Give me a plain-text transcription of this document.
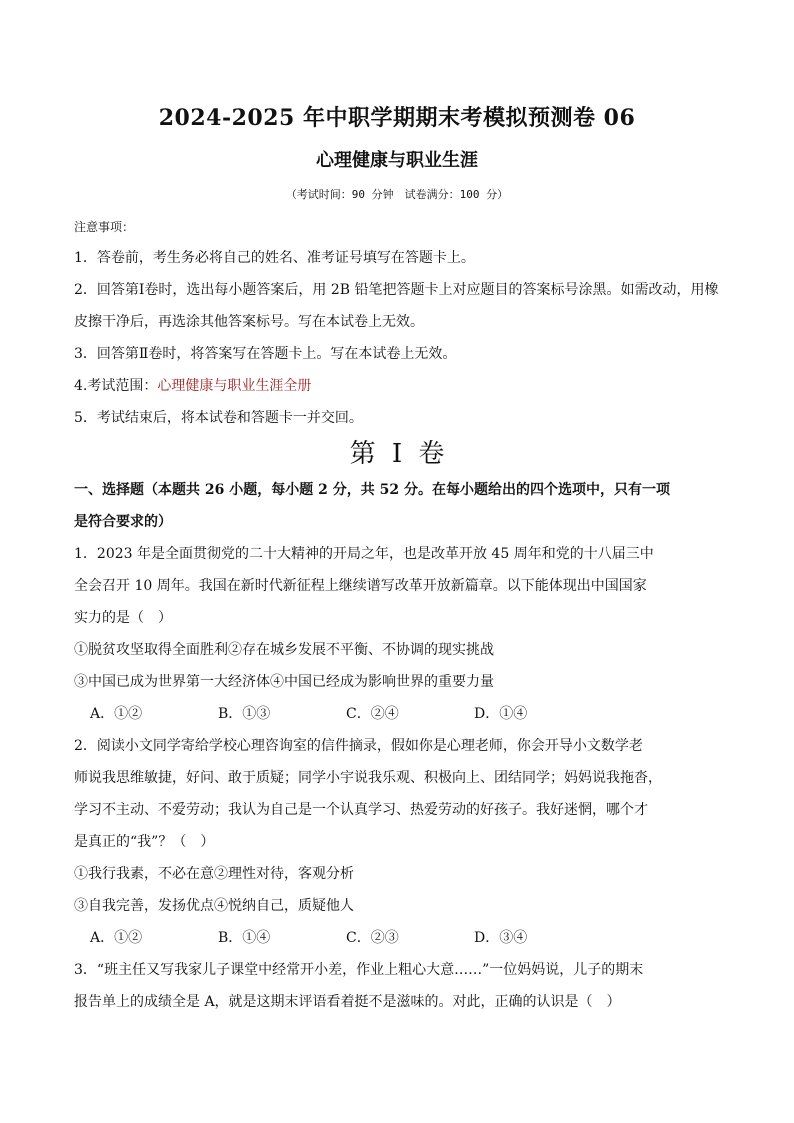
2024-2025 年中职学期期末考模拟预测卷 06
心理健康与职业生涯
（考试时间：90 分钟　试卷满分：100 分）
注意事项：
1．答卷前，考生务必将自己的姓名、准考证号填写在答题卡上。
2．回答第Ⅰ卷时，选出每小题答案后，用 2B 铅笔把答题卡上对应题目的答案标号涂黑。如需改动，用橡
皮擦干净后，再选涂其他答案标号。写在本试卷上无效。
3．回答第Ⅱ卷时，将答案写在答题卡上。写在本试卷上无效。
4.考试范围：心理健康与职业生涯全册
5．考试结束后，将本试卷和答题卡一并交回。
第 I 卷
一、选择题（本题共 26 小题，每小题 2 分，共 52 分。在每小题给出的四个选项中，只有一项
是符合要求的）
1．2023 年是全面贯彻党的二十大精神的开局之年，也是改革开放 45 周年和党的十八届三中
全会召开 10 周年。我国在新时代新征程上继续谱写改革开放新篇章。以下能体现出中国国家
实力的是（　）
①脱贫攻坚取得全面胜利②存在城乡发展不平衡、不协调的现实挑战
③中国已成为世界第一大经济体④中国已经成为影响世界的重要力量
A．①②	B．①③	C．②④	D．①④
2．阅读小文同学寄给学校心理咨询室的信件摘录，假如你是心理老师，你会开导小文数学老
师说我思维敏捷，好问、敢于质疑；同学小宇说我乐观、积极向上、团结同学；妈妈说我拖沓，
学习不主动、不爱劳动；我认为自己是一个认真学习、热爱劳动的好孩子。我好迷惘，哪个才
是真正的“我”？（　）
①我行我素，不必在意②理性对待，客观分析
③自我完善，发扬优点④悦纳自己，质疑他人
A．①②	B．①④	C．②③	D．③④
3．“班主任又写我家儿子课堂中经常开小差，作业上粗心大意……”一位妈妈说，儿子的期末
报告单上的成绩全是 A，就是这期末评语看着挺不是滋味的。对此，正确的认识是（　）
